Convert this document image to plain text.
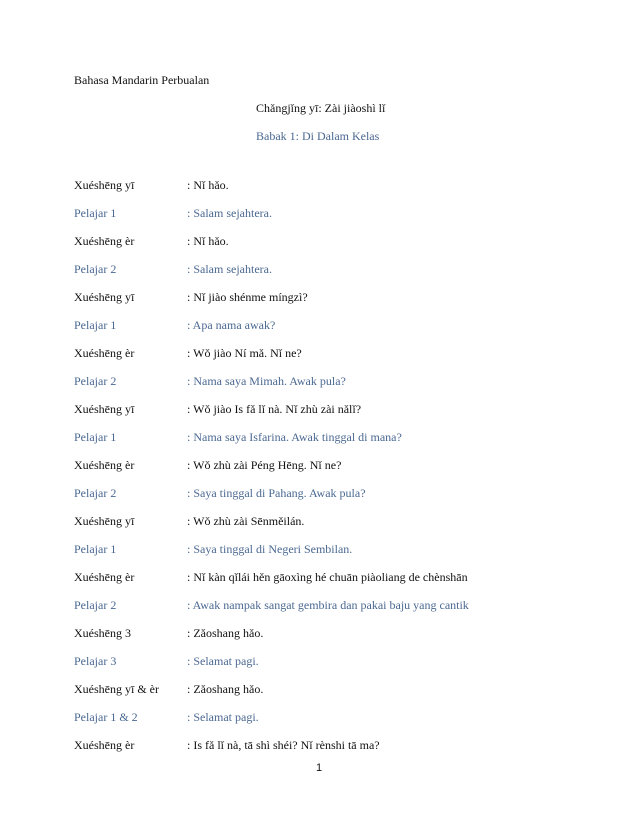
Bahasa Mandarin Perbualan
Chǎngjǐng yī: Zài jiàoshì lǐ
Babak 1: Di Dalam Kelas
Xuéshēng yī	: Nǐ hǎo.
Pelajar 1	: Salam sejahtera.
Xuéshēng èr	: Nǐ hǎo.
Pelajar 2	: Salam sejahtera.
Xuéshēng yī	: Nǐ jiào shénme míngzì?
Pelajar 1	: Apa nama awak?
Xuéshēng èr	: Wǒ jiào Ní mǎ. Nǐ ne?
Pelajar 2	: Nama saya Mimah. Awak pula?
Xuéshēng yī	: Wǒ jiào Is fǎ lǐ nà. Nǐ zhù zài nǎlǐ?
Pelajar 1	: Nama saya Isfarina. Awak tinggal di mana?
Xuéshēng èr	: Wǒ zhù zài Péng Hēng. Nǐ ne?
Pelajar 2	: Saya tinggal di Pahang. Awak pula?
Xuéshēng yī	: Wǒ zhù zài Sēnměilán.
Pelajar 1	: Saya tinggal di Negeri Sembilan.
Xuéshēng èr	: Nǐ kàn qǐlái hěn gāoxìng hé chuān piàoliang de chènshān
Pelajar 2	: Awak nampak sangat gembira dan pakai baju yang cantik
Xuéshēng 3	: Zǎoshang hǎo.
Pelajar 3	: Selamat pagi.
Xuéshēng yī & èr : Zǎoshang hǎo.
Pelajar 1 & 2	: Selamat pagi.
Xuéshēng èr	: Is fǎ lǐ nà, tā shì shéi? Nǐ rènshi tā ma?
1
